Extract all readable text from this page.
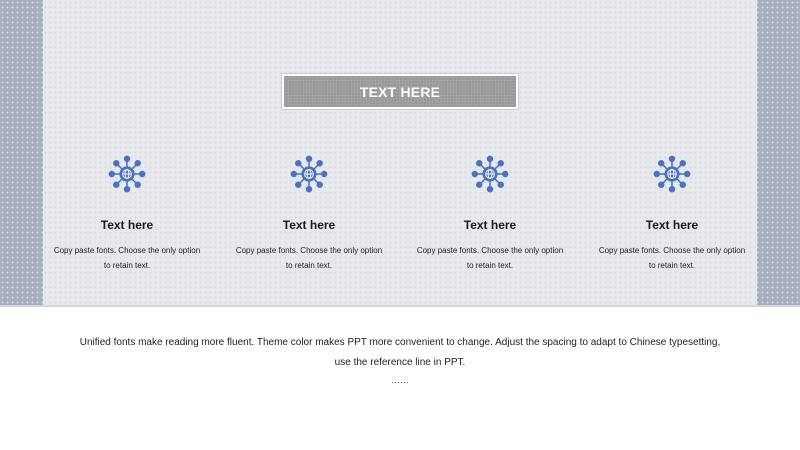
TEXT HERE
Text here
Copy paste fonts. Choose the only option
to retain text.
Text here
Copy paste fonts. Choose the only option
to retain text.
Text here
Copy paste fonts. Choose the only option
to retain text.
Text here
Copy paste fonts. Choose the only option
to retain text.
Unified fonts make reading more fluent. Theme color makes PPT more convenient to change. Adjust the spacing to adapt to Chinese typesetting,
use the reference line in PPT.
……
